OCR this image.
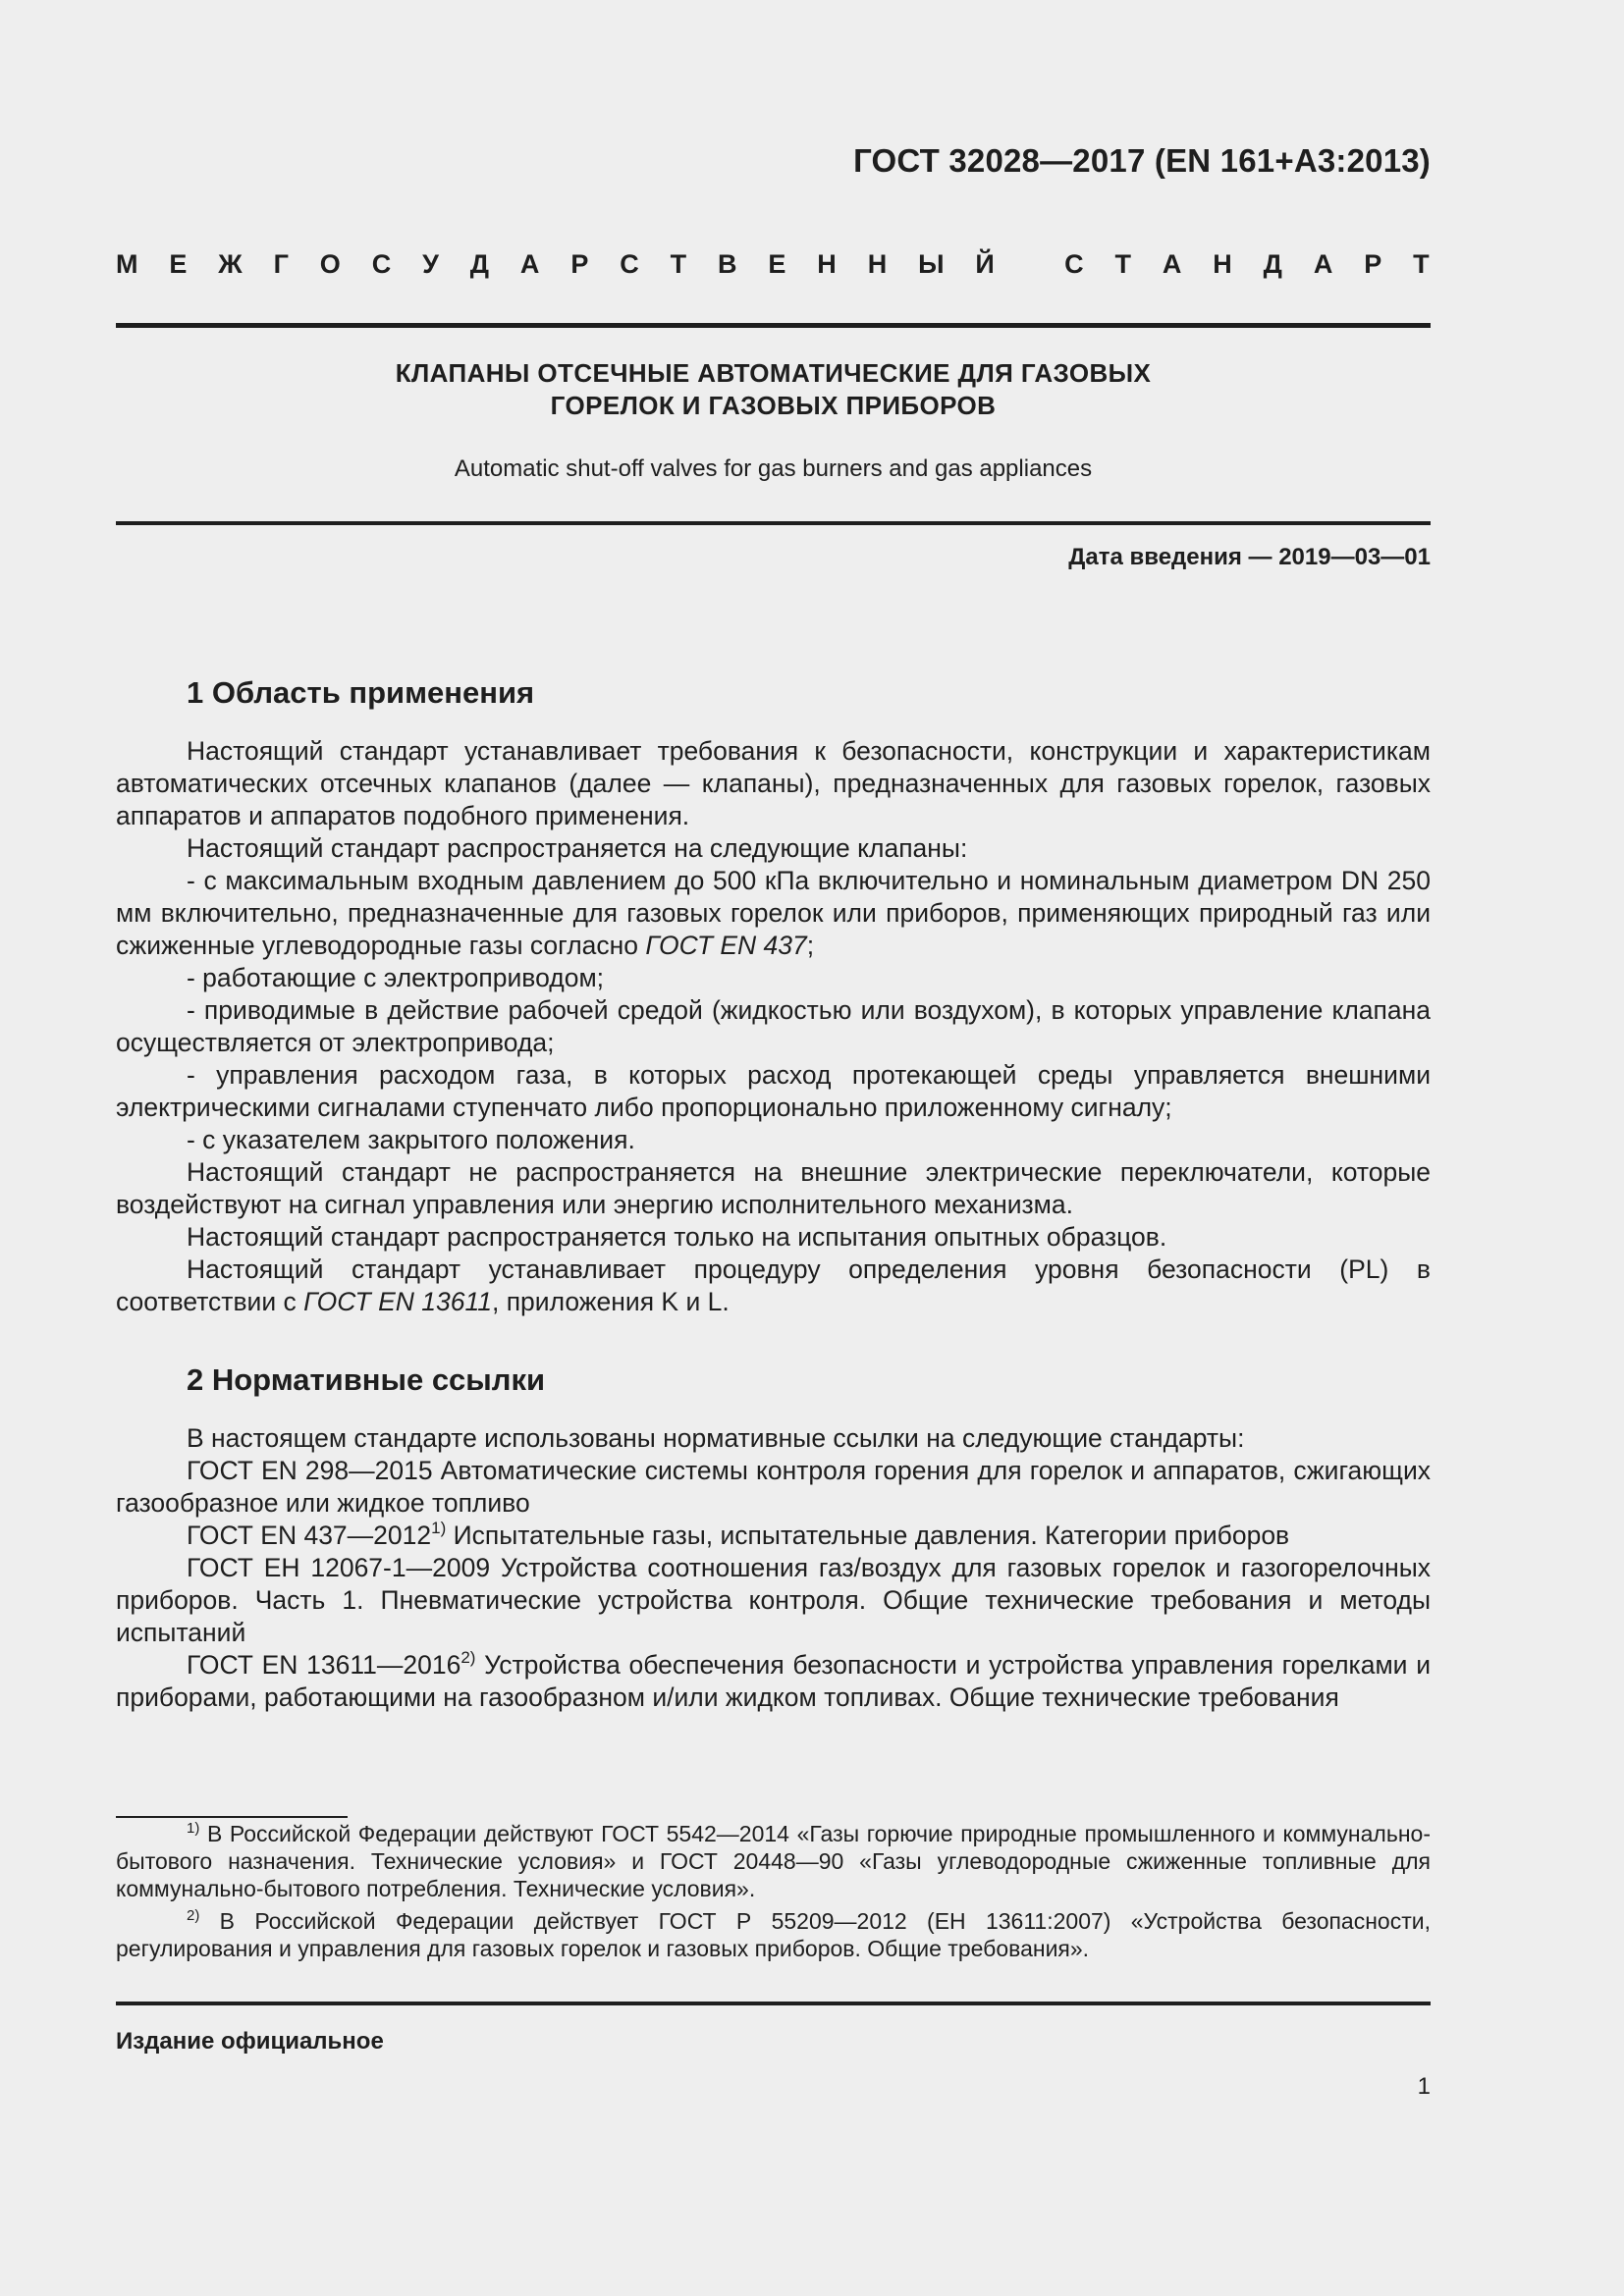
ГОСТ 32028—2017 (EN 161+A3:2013)
М Е Ж Г О С У Д А Р С Т В Е Н Н Ы Й
	С Т А Н Д А Р Т
КЛАПАНЫ ОТСЕЧНЫЕ АВТОМАТИЧЕСКИЕ ДЛЯ ГАЗОВЫХ
ГОРЕЛОК И ГАЗОВЫХ ПРИБОРОВ
Automatic shut-off valves for gas burners and gas appliances
Дата введения — 2019—03—01
1 Область применения

Настоящий стандарт устанавливает требования к безопасности, конструкции и характеристикам автоматических отсечных клапанов (далее — клапаны), предназначенных для газовых горелок, газовых аппаратов и аппаратов подобного применения.

Настоящий стандарт распространяется на следующие клапаны:

- с максимальным входным давлением до 500 кПа включительно и номинальным диаметром DN 250 мм включительно, предназначенные для газовых горелок или приборов, применяющих природный газ или сжиженные углеводородные газы согласно ГОСТ EN 437;

- работающие с электроприводом;

- приводимые в действие рабочей средой (жидкостью или воздухом), в которых управление клапана осуществляется от электропривода;

- управления расходом газа, в которых расход протекающей среды управляется внешними электрическими сигналами ступенчато либо пропорционально приложенному сигналу;

- с указателем закрытого положения.

Настоящий стандарт не распространяется на внешние электрические переключатели, которые воздействуют на сигнал управления или энергию исполнительного механизма.

Настоящий стандарт распространяется только на испытания опытных образцов.

Настоящий стандарт устанавливает процедуру определения уровня безопасности (PL) в соответствии с ГОСТ EN 13611, приложения K и L.

2 Нормативные ссылки

В настоящем стандарте использованы нормативные ссылки на следующие стандарты:

ГОСТ EN 298—2015 Автоматические системы контроля горения для горелок и аппаратов, сжигающих газообразное или жидкое топливо

ГОСТ EN 437—2012$^{1)}$ Испытательные газы, испытательные давления. Категории приборов

ГОСТ ЕН 12067-1—2009 Устройства соотношения газ/воздух для газовых горелок и газогорелочных приборов. Часть 1. Пневматические устройства контроля. Общие технические требования и методы испытаний

ГОСТ EN 13611—2016$^{2)}$ Устройства обеспечения безопасности и устройства управления горелками и приборами, работающими на газообразном и/или жидком топливах. Общие технические требования

$^{1)}$ В Российской Федерации действуют ГОСТ 5542—2014 «Газы горючие природные промышленного и коммунально-бытового назначения. Технические условия» и ГОСТ 20448—90 «Газы углеводородные сжиженные топливные для коммунально-бытового потребления. Технические условия».

$^{2)}$ В Российской Федерации действует ГОСТ Р 55209—2012 (ЕН 13611:2007) «Устройства безопасности, регулирования и управления для газовых горелок и газовых приборов. Общие требования».

Издание официальное
1
